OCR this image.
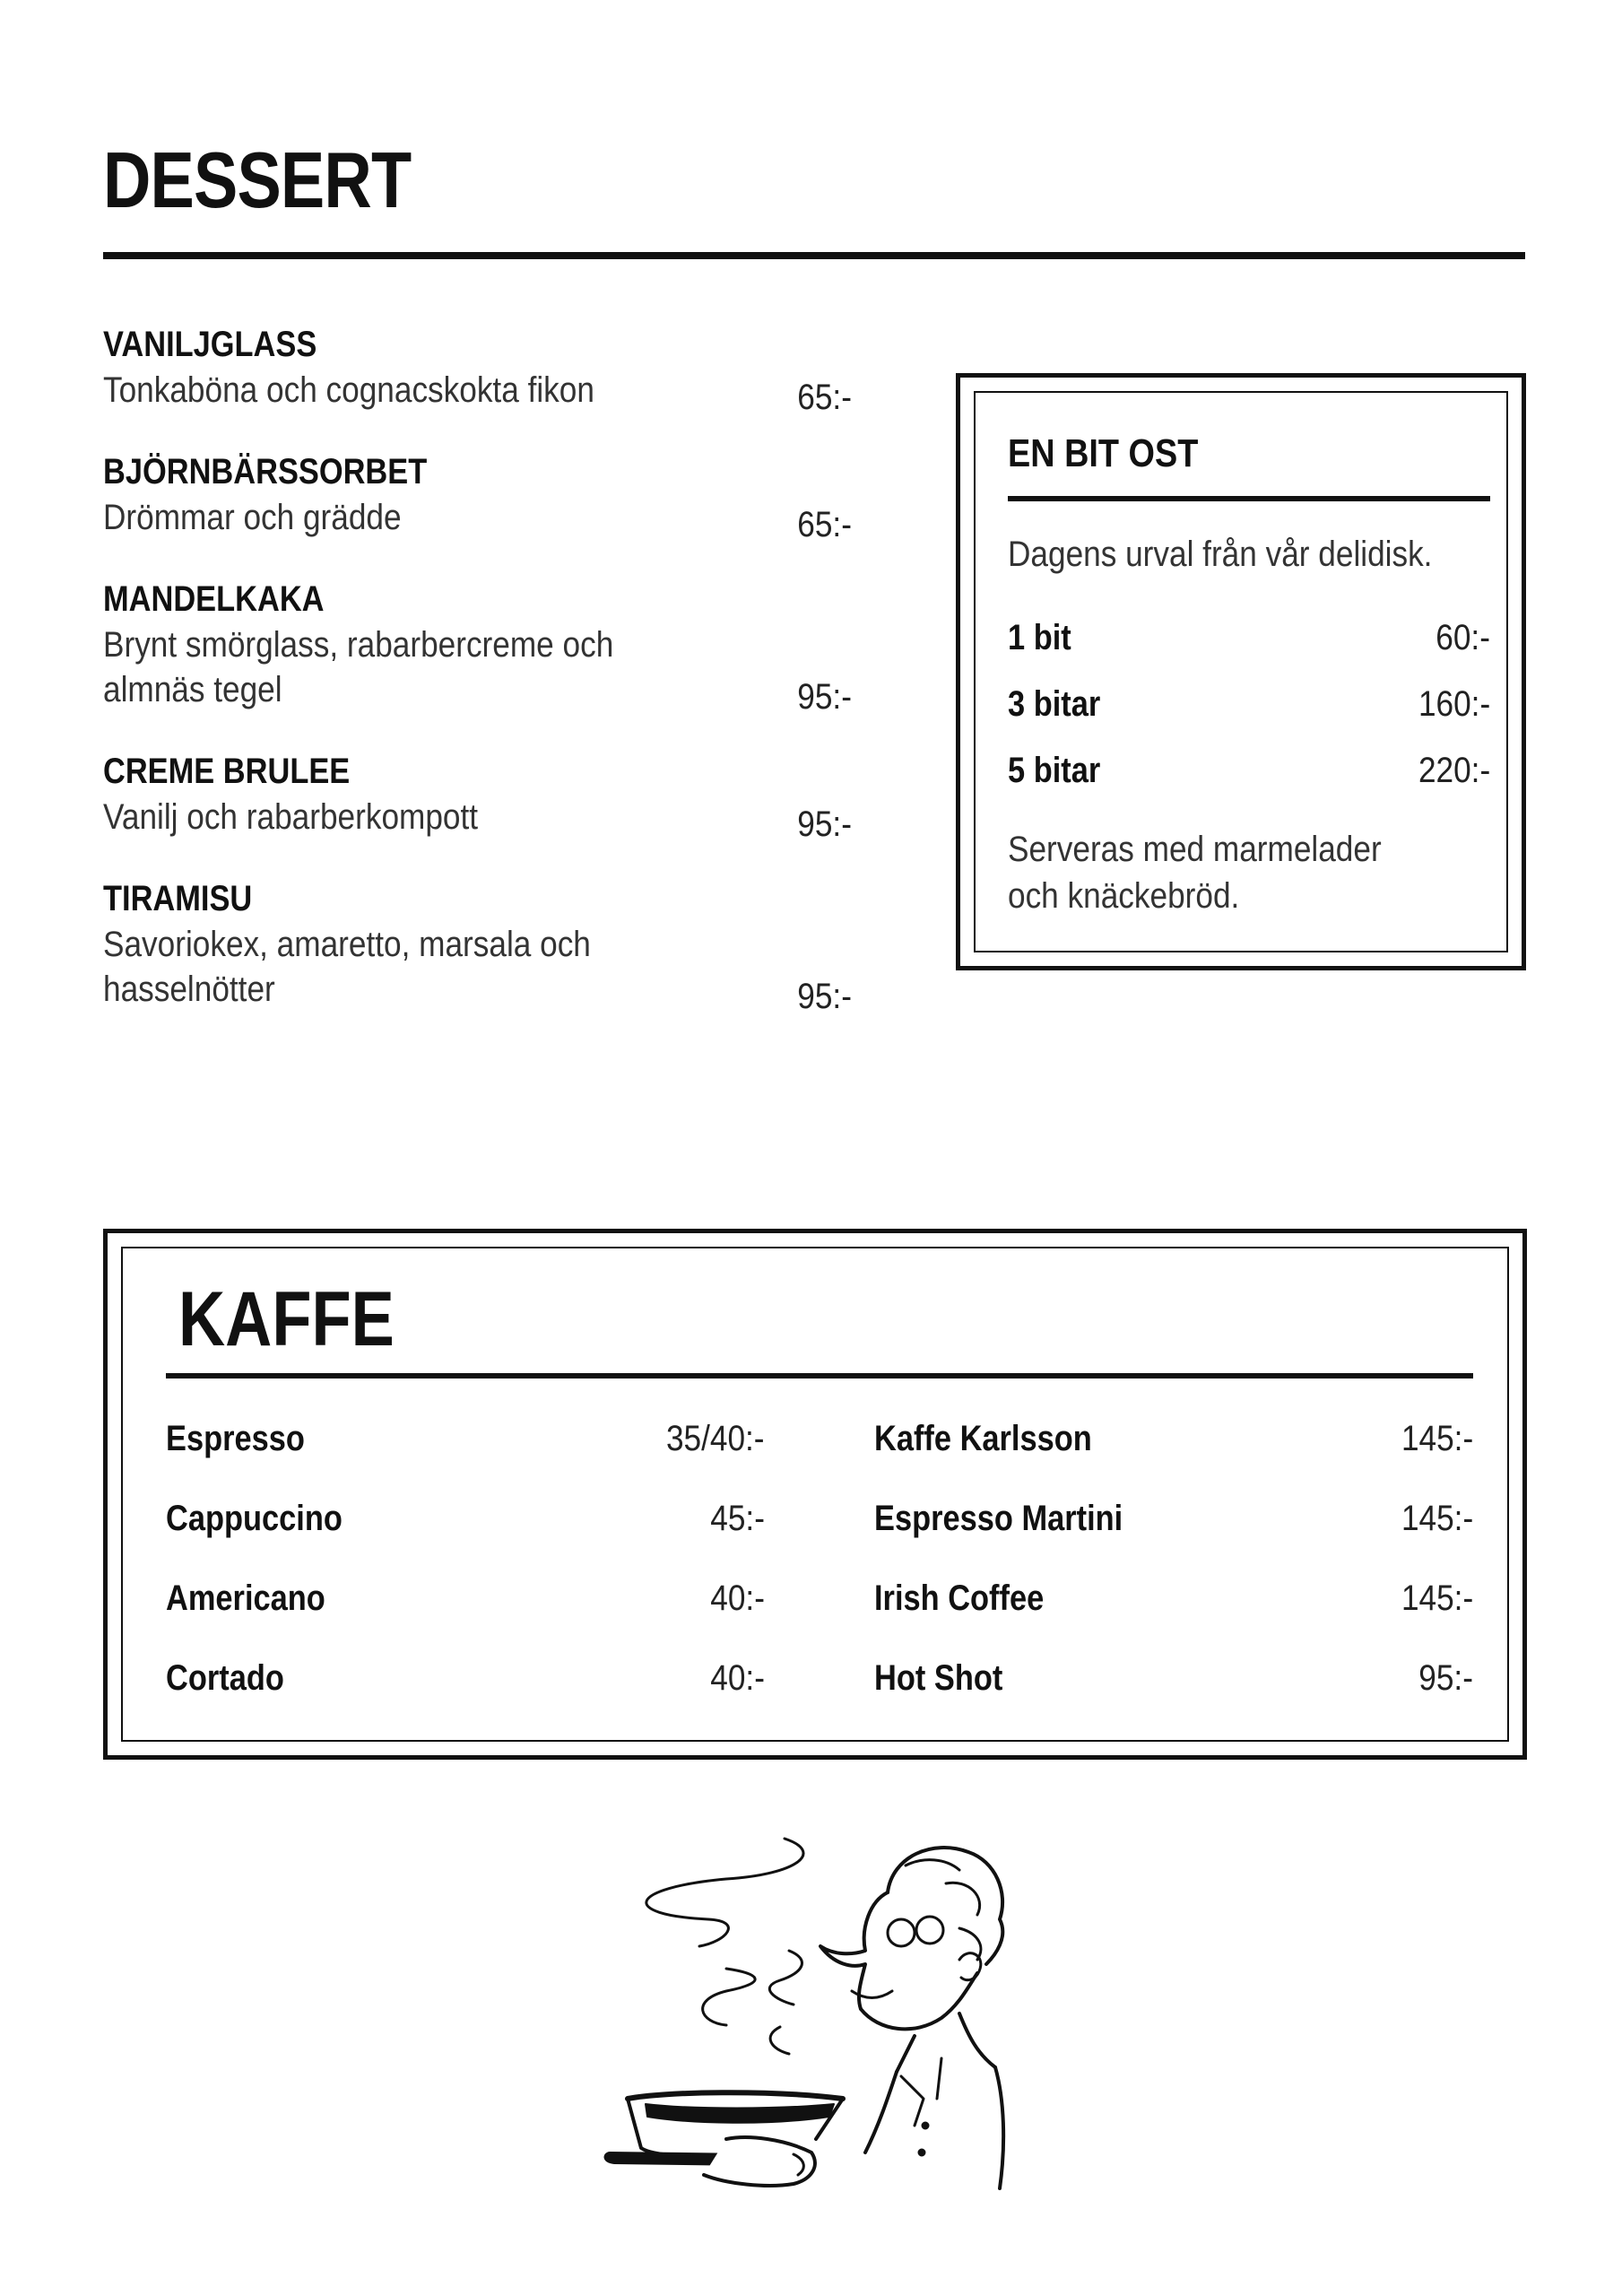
DESSERT
VANILJGLASS
Tonkaböna och cognacskokta fikon	65:-
BJÖRNBÄRSSORBET
Drömmar och grädde	65:-
MANDELKAKA
Brynt smörglass, rabarbercreme och
almnäs tegel	95:-
CREME BRULEE
Vanilj och rabarberkompott	95:-
TIRAMISU
Savoriokex, amaretto, marsala och
hasselnötter	95:-
EN BIT OST
Dagens urval från vår delidisk.
1 bit	60:-
3 bitar	160:-
5 bitar	220:-
Serveras med marmelader och knäckebröd.
KAFFE
Espresso	35/40:-
Cappuccino	45:-
Americano	40:-
Cortado	40:-
Kaffe Karlsson	145:-
Espresso Martini	145:-
Irish Coffee	145:-
Hot Shot	95:-
